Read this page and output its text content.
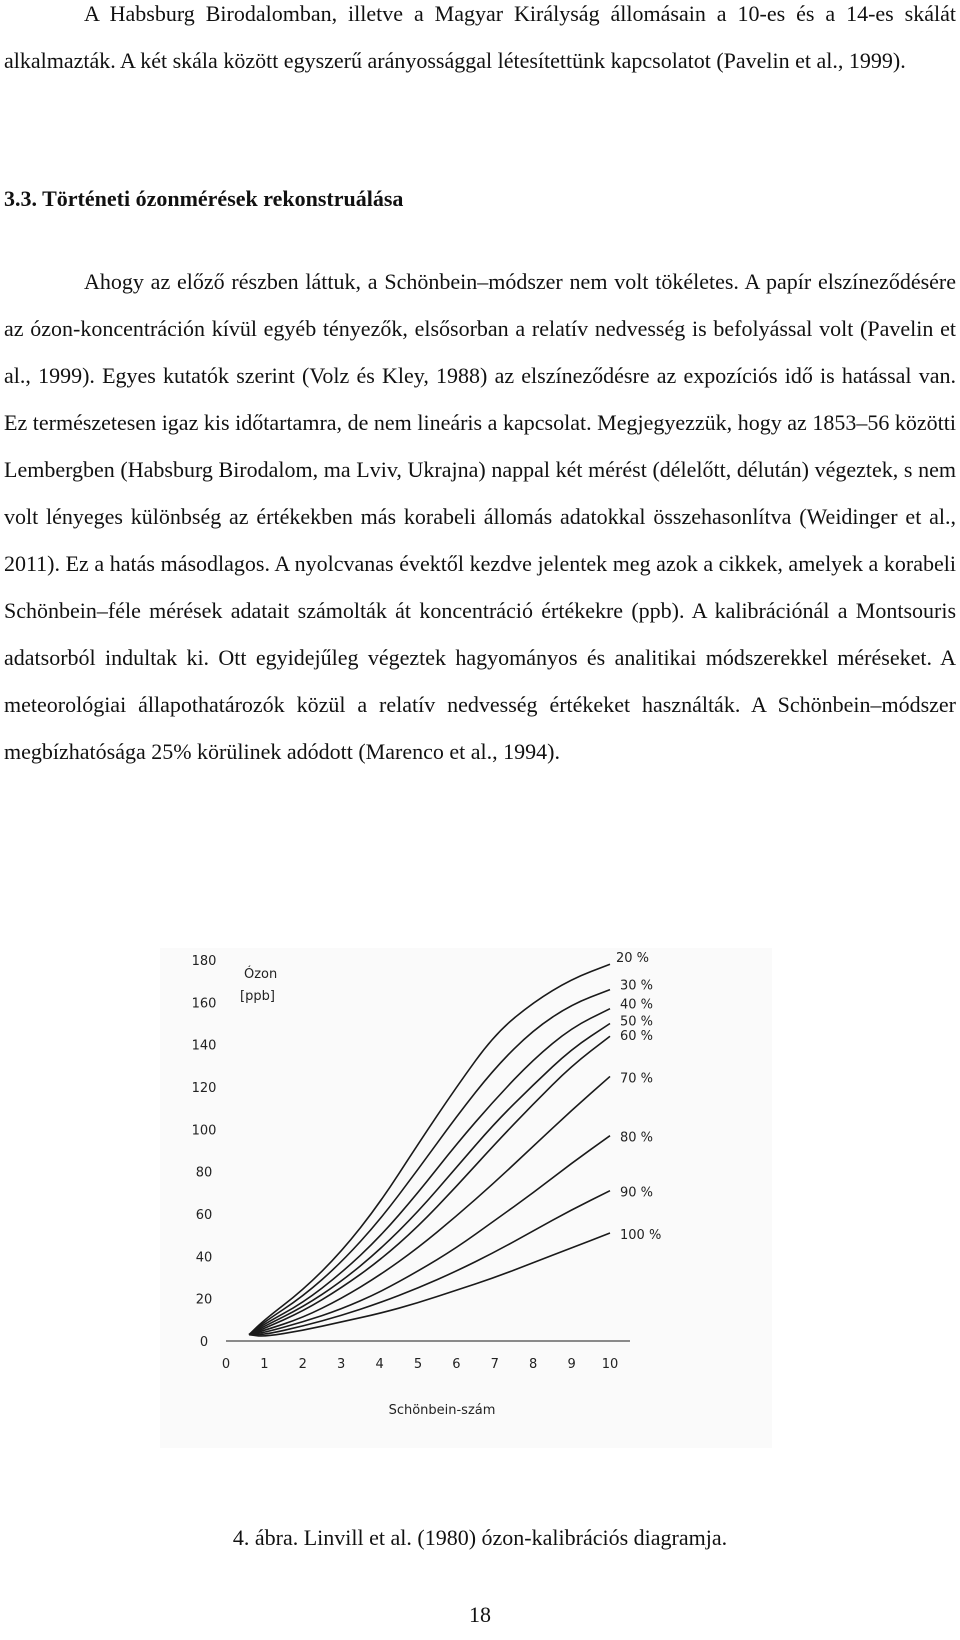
A Habsburg Birodalomban, illetve a Magyar Királyság állomásain a 10-es és a 14-es skálát alkalmazták. A két skála között egyszerű arányossággal létesítettünk kapcsolatot (Pavelin et al., 1999).

3.3. Történeti ózonmérések rekonstruálása

Ahogy az előző részben láttuk, a Schönbein–módszer nem volt tökéletes. A papír elszíneződésére az ózon-koncentráción kívül egyéb tényezők, elsősorban a relatív nedvesség is befolyással volt (Pavelin et al., 1999). Egyes kutatók szerint (Volz és Kley, 1988) az elszíneződésre az expozíciós idő is hatással van. Ez természetesen igaz kis időtartamra, de nem lineáris a kapcsolat. Megjegyezzük, hogy az 1853–56 közötti Lembergben (Habsburg Birodalom, ma Lviv, Ukrajna) nappal két mérést (délelőtt, délután) végeztek, s nem volt lényeges különbség az értékekben más korabeli állomás adatokkal összehasonlítva (Weidinger et al., 2011). Ez a hatás másodlagos. A nyolcvanas évektől kezdve jelentek meg azok a cikkek, amelyek a korabeli Schönbein–féle mérések adatait számolták át koncentráció értékekre (ppb). A kalibrációnál a Montsouris adatsorból indultak ki. Ott egyidejűleg végeztek hagyományos és analitikai módszerekkel méréseket. A meteorológiai állapothatározók közül a relatív nedvesség értékeket használták. A Schönbein–módszer megbízhatósága 25% körülinek adódott (Marenco et al., 1994).

0
20
40
60
80
100
120
140
160
180
0 1 2 3 4 5 6 7 8 9 10
20 %
30 %
40 %
50 %
60 %
70 %
80 %
90 %
100 %
Ózon
[ppb]
Schönbein-szám
4. ábra. Linvill et al. (1980) ózon-kalibrációs diagramja.
18
